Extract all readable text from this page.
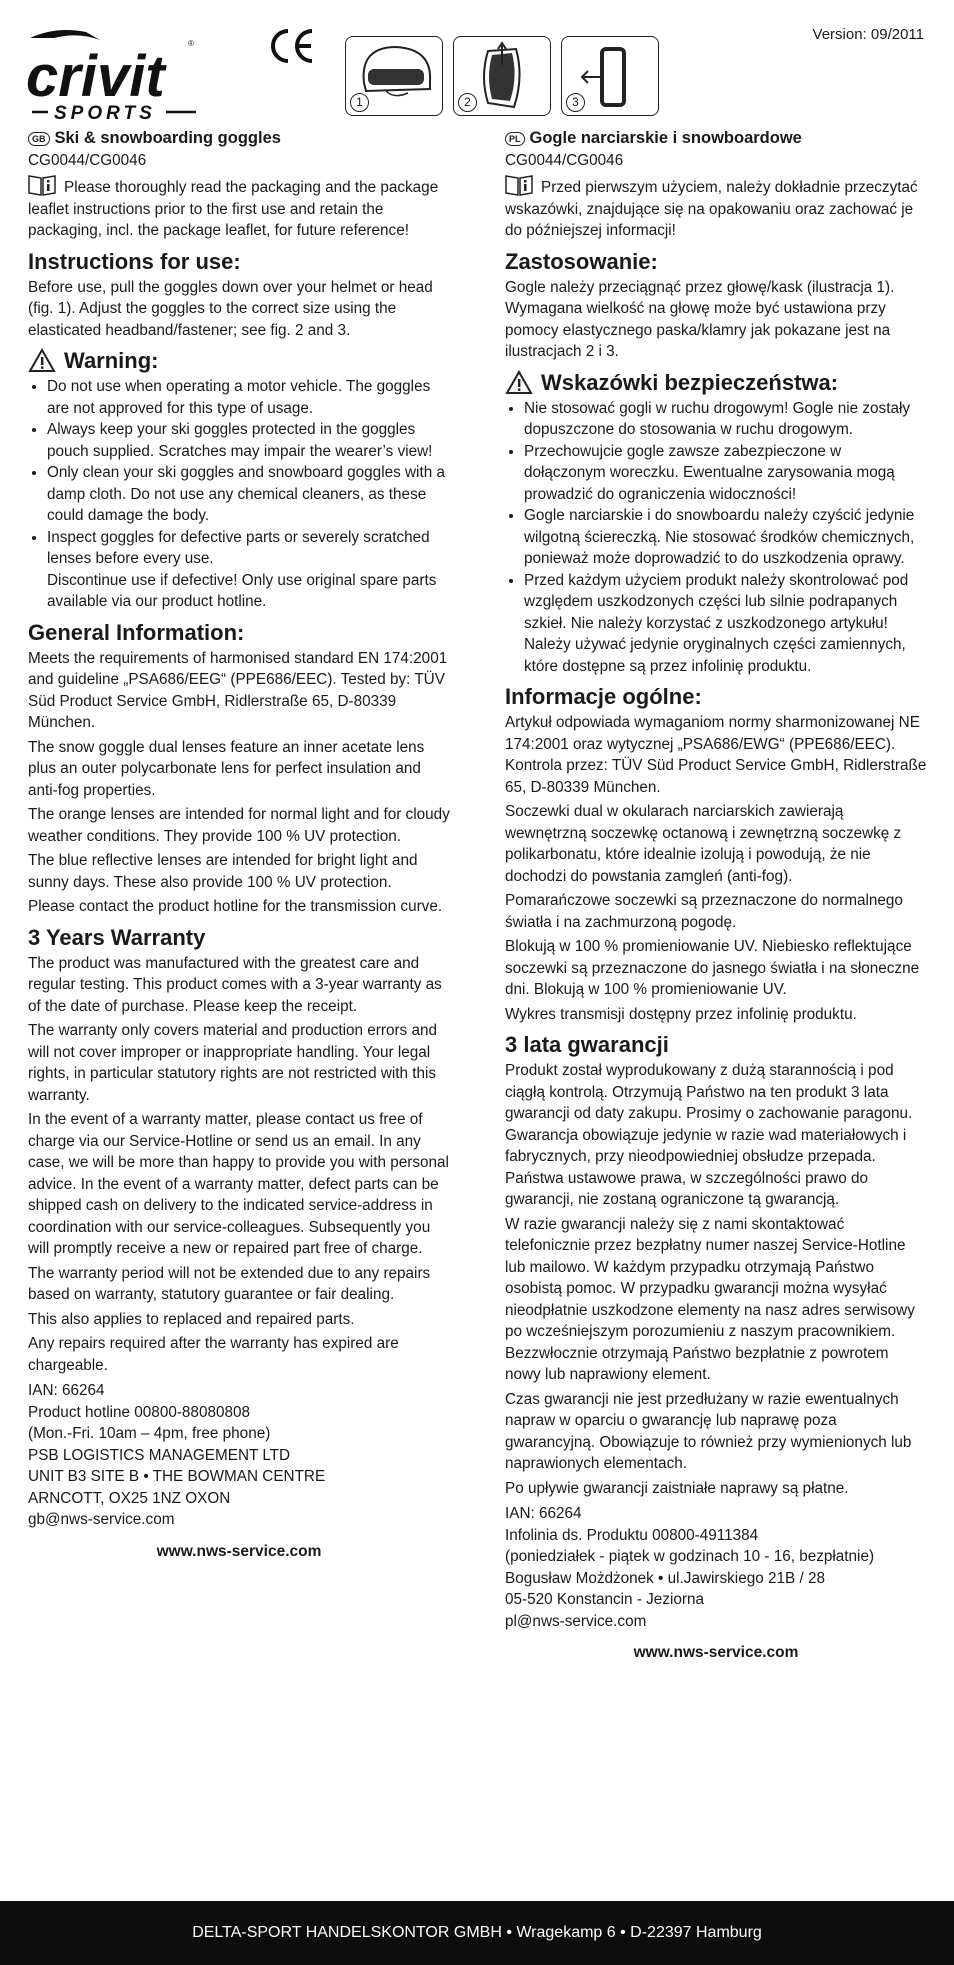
Version: 09/2011
crivit
SPORTS
®
1	2	3
GB Ski & snowboarding goggles

CG0044/CG0046

Please thoroughly read the packaging and the package leaflet instructions prior to the first use and retain the packaging, incl. the package leaflet, for future reference!

Instructions for use:

Before use, pull the goggles down over your helmet or head (fig. 1). Adjust the goggles to the correct size using the elasticated headband/fastener; see fig. 2 and 3.

Warning:
• Do not use when operating a motor vehicle. The goggles are not approved for this type of usage.
• Always keep your ski goggles protected in the goggles pouch supplied. Scratches may impair the wearer’s view!
• Only clean your ski goggles and snowboard goggles with a damp cloth. Do not use any chemical cleaners, as these could damage the body.
• Inspect goggles for defective parts or severely scratched lenses before every use.
Discontinue use if defective! Only use original spare parts available via our product hotline.
General Information:

Meets the requirements of harmonised standard EN 174:2001 and guideline „PSA686/EEG“ (PPE686/EEC). Tested by: TÜV Süd Product Service GmbH, Ridlerstraße 65, D-80339 München.

The snow goggle dual lenses feature an inner acetate lens plus an outer polycarbonate lens for perfect insulation and anti-fog properties.

The orange lenses are intended for normal light and for cloudy weather conditions. They provide 100 % UV protection.

The blue reflective lenses are intended for bright light and sunny days. These also provide 100 % UV protection.

Please contact the product hotline for the transmission curve.

3 Years Warranty

The product was manufactured with the greatest care and regular testing. This product comes with a 3-year warranty as of the date of purchase. Please keep the receipt.

The warranty only covers material and production errors and will not cover improper or inappropriate handling. Your legal rights, in particular statutory rights are not restricted with this warranty.

In the event of a warranty matter, please contact us free of charge via our Service-Hotline or send us an email. In any case, we will be more than happy to provide you with personal advice. In the event of a warranty matter, defect parts can be shipped cash on delivery to the indicated service-address in coordination with our service-colleagues. Subsequently you will promptly receive a new or repaired part free of charge.

The warranty period will not be extended due to any repairs based on warranty, statutory guarantee or fair dealing.

This also applies to replaced and repaired parts.

Any repairs required after the warranty has expired are chargeable.

IAN: 66264
Product hotline 00800-88080808
(Mon.-Fri. 10am – 4pm, free phone)
PSB LOGISTICS MANAGEMENT LTD
UNIT B3 SITE B • THE BOWMAN CENTRE
ARNCOTT, OX25 1NZ OXON
gb@nws-service.com
www.nws-service.com
PL Gogle narciarskie i snowboardowe

CG0044/CG0046

Przed pierwszym użyciem, należy dokładnie przeczytać wskazówki, znajdujące się na opakowaniu oraz zachować je do późniejszej informacji!

Zastosowanie:

Gogle należy przeciągnąć przez głowę/kask (ilustracja 1). Wymagana wielkość na głowę może być ustawiona przy pomocy elastycznego paska/klamry jak pokazane jest na ilustracjach 2 i 3.

Wskazówki bezpieczeństwa:
• Nie stosować gogli w ruchu drogowym! Gogle nie zostały dopuszczone do stosowania w ruchu drogowym.
• Przechowujcie gogle zawsze zabezpieczone w dołączonym woreczku. Ewentualne zarysowania mogą prowadzić do ograniczenia widoczności!
• Gogle narciarskie i do snowboardu należy czyścić jedynie wilgotną ściereczką. Nie stosować środków chemicznych, ponieważ może doprowadzić to do uszkodzenia oprawy.
• Przed każdym użyciem produkt należy skontrolować pod względem uszkodzonych części lub silnie podrapanych szkieł. Nie należy korzystać z uszkodzonego artykułu! Należy używać jedynie oryginalnych części zamiennych, które dostępne są przez infolinię produktu.
Informacje ogólne:

Artykuł odpowiada wymaganiom normy sharmonizowanej NE 174:2001 oraz wytycznej „PSA686/EWG“ (PPE686/EEC). Kontrola przez: TÜV Süd Product Service GmbH, Ridlerstraße 65, D-80339 München.

Soczewki dual w okularach narciarskich zawierają wewnętrzną soczewkę octanową i zewnętrzną soczewkę z polikarbonatu, które idealnie izolują i powodują, że nie dochodzi do powstania zamgleń (anti-fog).

Pomarańczowe soczewki są przeznaczone do normalnego światła i na zachmurzoną pogodę.

Blokują w 100 % promieniowanie UV. Niebiesko reflektujące soczewki są przeznaczone do jasnego światła i na słoneczne dni. Blokują w 100 % promieniowanie UV.

Wykres transmisji dostępny przez infolinię produktu.

3 lata gwarancji

Produkt został wyprodukowany z dużą starannością i pod ciągłą kontrolą. Otrzymują Państwo na ten produkt 3 lata gwarancji od daty zakupu. Prosimy o zachowanie paragonu. Gwarancja obowiązuje jedynie w razie wad materiałowych i fabrycznych, przy nieodpowiedniej obsłudze przepada. Państwa ustawowe prawa, w szczególności prawo do gwarancji, nie zostaną ograniczone tą gwarancją.

W razie gwarancji należy się z nami skontaktować telefonicznie przez bezpłatny numer naszej Service-Hotline lub mailowo. W każdym przypadku otrzymają Państwo osobistą pomoc. W przypadku gwarancji można wysyłać nieodpłatnie uszkodzone elementy na nasz adres serwisowy po wcześniejszym porozumieniu z naszym pracownikiem. Bezzwłocznie otrzymają Państwo bezpłatnie z powrotem nowy lub naprawiony element.

Czas gwarancji nie jest przedłużany w razie ewentualnych napraw w oparciu o gwarancję lub naprawę poza gwarancyjną. Obowiązuje to również przy wymienionych lub naprawionych elementach.

Po upływie gwarancji zaistniałe naprawy są płatne.

IAN: 66264
Infolinia ds. Produktu 00800-4911384
(poniedziałek - piątek w godzinach 10 - 16, bezpłatnie)
Bogusław Możdżonek • ul.Jawirskiego 21B / 28
05-520 Konstancin - Jeziorna
pl@nws-service.com
www.nws-service.com
DELTA-SPORT HANDELSKONTOR GMBH • Wragekamp 6 • D-22397 Hamburg
